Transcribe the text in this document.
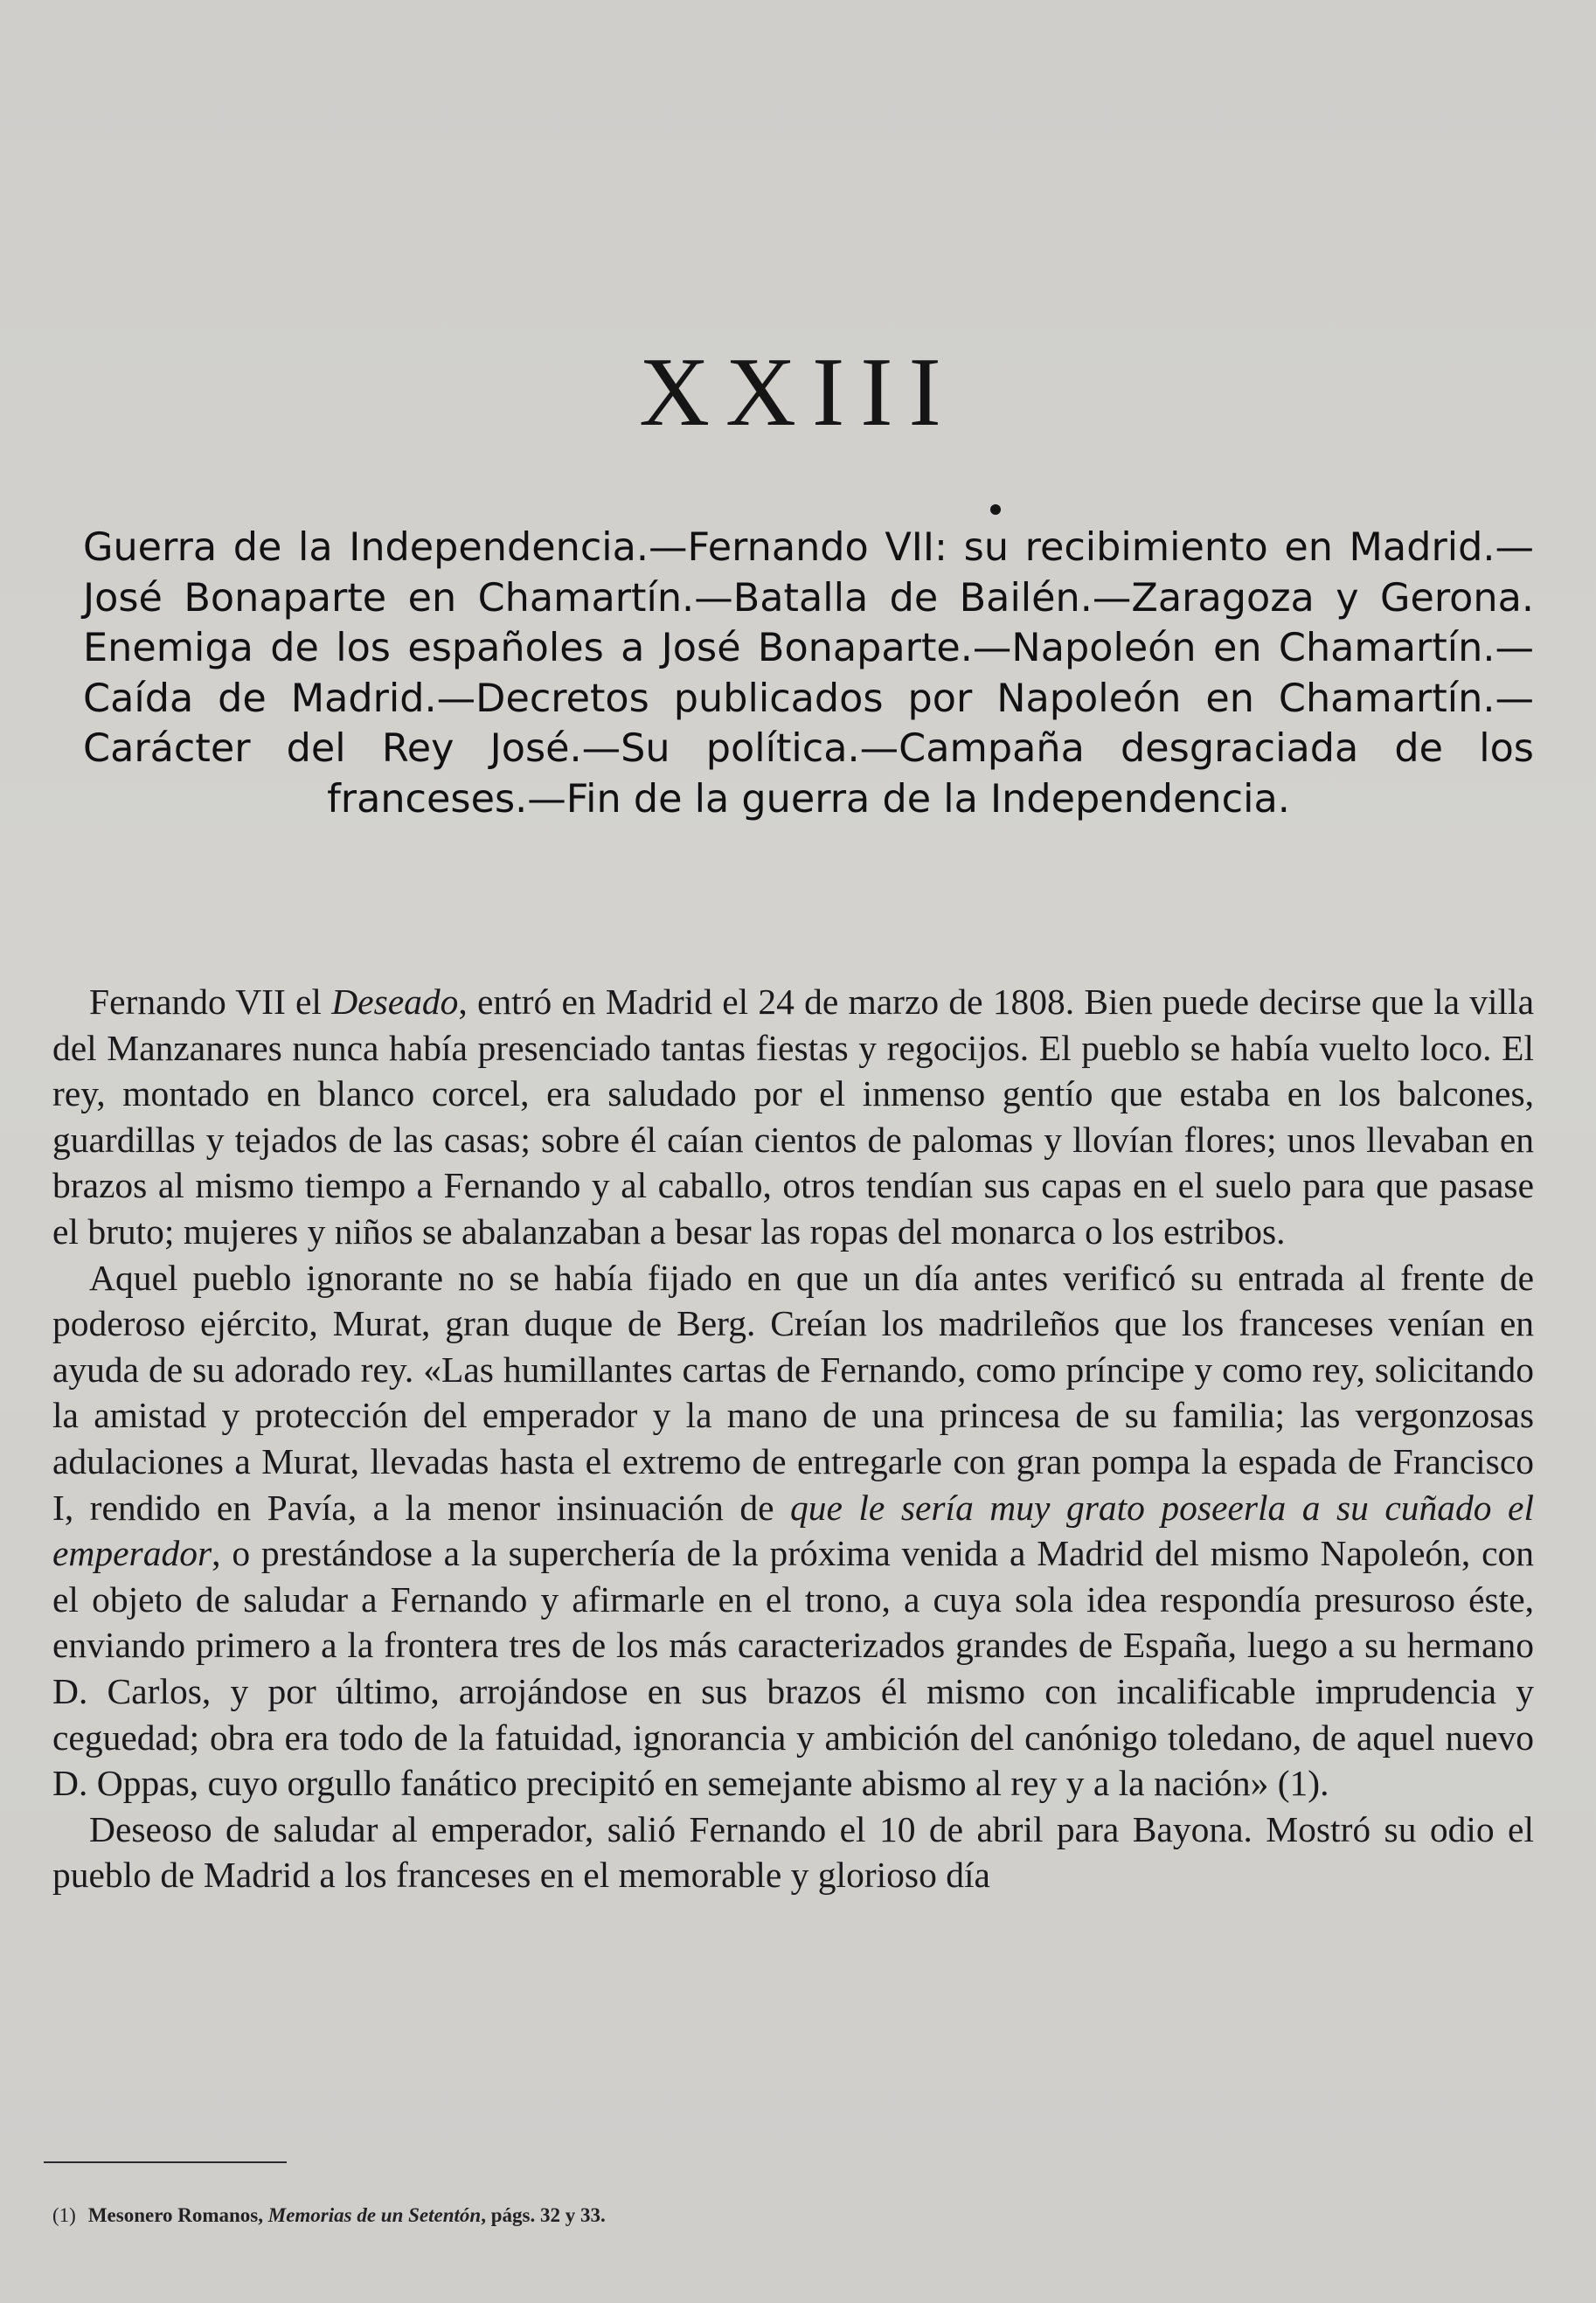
XXIII
Guerra de la Independencia.—Fernando VII: su recibimiento en Madrid.—José Bonaparte en Chamartín.—Batalla de Bailén.—Zaragoza y Gerona. Enemiga de los españoles a José Bonaparte.—Napoleón en Chamartín.—Caída de Madrid.—Decretos publicados por Napoleón en Chamartín.—Carácter del Rey José.—Su política.—Campaña desgraciada de los franceses.—Fin de la guerra de la Independencia.

Fernando VII el Deseado, entró en Madrid el 24 de marzo de 1808. Bien puede decirse que la villa del Manzanares nunca había presenciado tantas fiestas y regocijos. El pueblo se había vuelto loco. El rey, montado en blanco corcel, era saludado por el inmenso gentío que estaba en los balcones, guardillas y tejados de las casas; sobre él caían cientos de palomas y llovían flores; unos llevaban en brazos al mismo tiempo a Fernando y al caballo, otros tendían sus capas en el suelo para que pasase el bruto; mujeres y niños se abalanzaban a besar las ropas del monarca o los estribos.

Aquel pueblo ignorante no se había fijado en que un día antes verificó su entrada al frente de poderoso ejército, Murat, gran duque de Berg. Creían los madrileños que los franceses venían en ayuda de su adorado rey. «Las humillantes cartas de Fernando, como príncipe y como rey, solicitando la amistad y protección del emperador y la mano de una princesa de su familia; las vergonzosas adulaciones a Murat, llevadas hasta el extremo de entregarle con gran pompa la espada de Francisco I, rendido en Pavía, a la menor insinuación de que le sería muy grato poseerla a su cuñado el emperador, o prestándose a la superchería de la próxima venida a Madrid del mismo Napoleón, con el objeto de saludar a Fernando y afirmarle en el trono, a cuya sola idea respondía presuroso éste, enviando primero a la frontera tres de los más caracterizados grandes de España, luego a su hermano D. Carlos, y por último, arrojándose en sus brazos él mismo con incalificable imprudencia y ceguedad; obra era todo de la fatuidad, ignorancia y ambición del canónigo toledano, de aquel nuevo D. Oppas, cuyo orgullo fanático precipitó en semejante abismo al rey y a la nación» (1).

Deseoso de saludar al emperador, salió Fernando el 10 de abril para Bayona. Mostró su odio el pueblo de Madrid a los franceses en el memorable y glorioso día

(1) Mesonero Romanos, Memorias de un Setentón, págs. 32 y 33.
